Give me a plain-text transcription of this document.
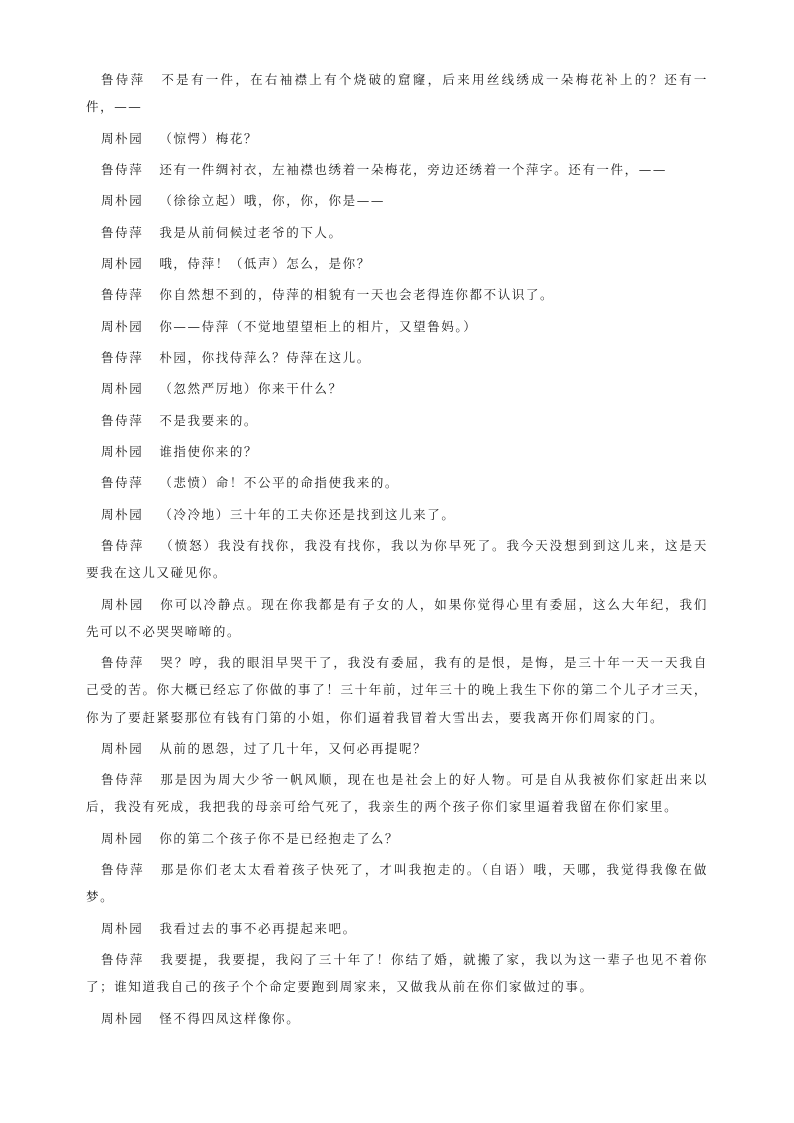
鲁侍萍 不是有一件，在右袖襟上有个烧破的窟窿，后来用丝线绣成一朵梅花补上的？还有一件，——

周朴园 （惊愕）梅花？

鲁侍萍 还有一件绸衬衣，左袖襟也绣着一朵梅花，旁边还绣着一个萍字。还有一件，——

周朴园 （徐徐立起）哦，你，你，你是——

鲁侍萍 我是从前伺候过老爷的下人。

周朴园 哦，侍萍！（低声）怎么，是你？

鲁侍萍 你自然想不到的，侍萍的相貌有一天也会老得连你都不认识了。

周朴园 你——侍萍（不觉地望望柜上的相片，又望鲁妈。）

鲁侍萍 朴园，你找侍萍么？侍萍在这儿。

周朴园 （忽然严厉地）你来干什么？

鲁侍萍 不是我要来的。

周朴园 谁指使你来的？

鲁侍萍 （悲愤）命！不公平的命指使我来的。

周朴园 （冷冷地）三十年的工夫你还是找到这儿来了。

鲁侍萍 （愤怒）我没有找你，我没有找你，我以为你早死了。我今天没想到到这儿来，这是天要我在这儿又碰见你。

周朴园 你可以冷静点。现在你我都是有子女的人，如果你觉得心里有委屈，这么大年纪，我们先可以不必哭哭啼啼的。

鲁侍萍 哭？哼，我的眼泪早哭干了，我没有委屈，我有的是恨，是悔，是三十年一天一天我自己受的苦。你大概已经忘了你做的事了！三十年前，过年三十的晚上我生下你的第二个儿子才三天，你为了要赶紧娶那位有钱有门第的小姐，你们逼着我冒着大雪出去，要我离开你们周家的门。

周朴园 从前的恩怨，过了几十年，又何必再提呢？

鲁侍萍 那是因为周大少爷一帆风顺，现在也是社会上的好人物。可是自从我被你们家赶出来以后，我没有死成，我把我的母亲可给气死了，我亲生的两个孩子你们家里逼着我留在你们家里。

周朴园 你的第二个孩子你不是已经抱走了么？

鲁侍萍 那是你们老太太看着孩子快死了，才叫我抱走的。（自语）哦，天哪，我觉得我像在做梦。

周朴园 我看过去的事不必再提起来吧。

鲁侍萍 我要提，我要提，我闷了三十年了！你结了婚，就搬了家，我以为这一辈子也见不着你了；谁知道我自己的孩子个个命定要跑到周家来，又做我从前在你们家做过的事。

周朴园 怪不得四凤这样像你。
